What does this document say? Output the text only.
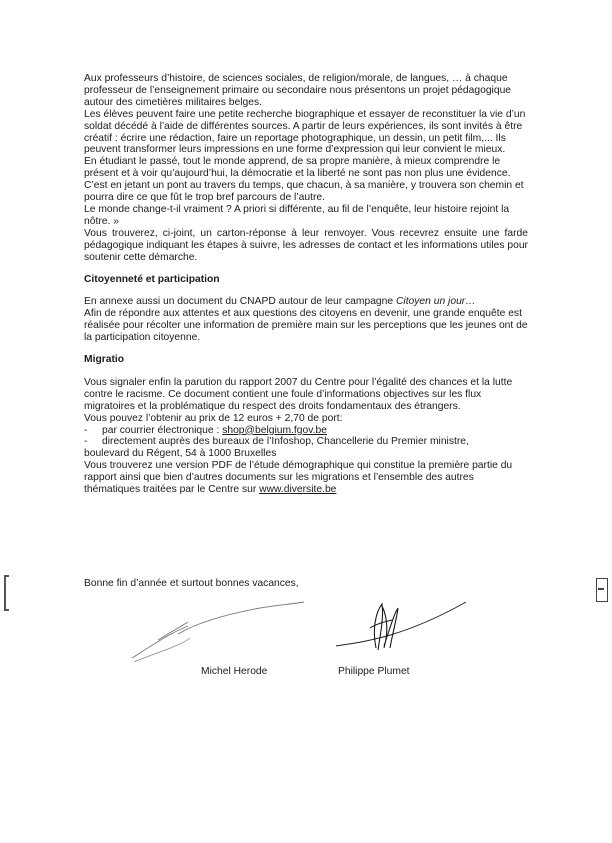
Aux professeurs d’histoire, de sciences sociales, de religion/morale, de langues, … à chaque professeur de l’enseignement primaire ou secondaire nous présentons un projet pédagogique autour des cimetières militaires belges.

Les élèves peuvent faire une petite recherche biographique et essayer de reconstituer la vie d’un soldat décédé à l’aide de différentes sources. A partir de leurs expériences, ils sont invités à être créatif : écrire une rédaction, faire un reportage photographique, un dessin, un petit film,... Ils peuvent transformer leurs impressions en une forme d’expression qui leur convient le mieux.

En étudiant le passé, tout le monde apprend, de sa propre manière, à mieux comprendre le présent et à voir qu’aujourd’hui, la démocratie et la liberté ne sont pas non plus une évidence.

C’est en jetant un pont au travers du temps, que chacun, à sa manière, y trouvera son chemin et pourra dire ce que fût le trop bref parcours de l’autre.

Le monde change-t-il vraiment ? A priori si différente, au fil de l’enquête, leur histoire rejoint la nôtre. »

Vous trouverez, ci-joint, un carton-réponse à leur renvoyer. Vous recevrez ensuite une farde pédagogique indiquant les étapes à suivre, les adresses de contact et les informations utiles pour soutenir cette démarche.

Citoyenneté et participation

En annexe aussi un document du CNAPD autour de leur campagne Citoyen un jour…

Afin de répondre aux attentes et aux questions des citoyens en devenir, une grande enquête est réalisée pour récolter une information de première main sur les perceptions que les jeunes ont de la participation citoyenne.

Migratio

Vous signaler enfin la parution du rapport 2007 du Centre pour l’égalité des chances et la lutte contre le racisme. Ce document contient une foule d’informations objectives sur les flux migratoires et la problématique du respect des droits fondamentaux des étrangers.

Vous pouvez l’obtenir au prix de 12 euros + 2,70 de port:

- par courrier électronique : shop@belgium.fgov.be

- directement auprès des bureaux de l’Infoshop, Chancellerie du Premier ministre,

boulevard du Régent, 54 à 1000 Bruxelles

Vous trouverez une version PDF de l’étude démographique qui constitue la première partie du rapport ainsi que bien d’autres documents sur les migrations et l’ensemble des autres thématiques traitées par le Centre sur www.diversite.be

Bonne fin d’année et surtout bonnes vacances,
Michel Herode	Philippe Plumet
